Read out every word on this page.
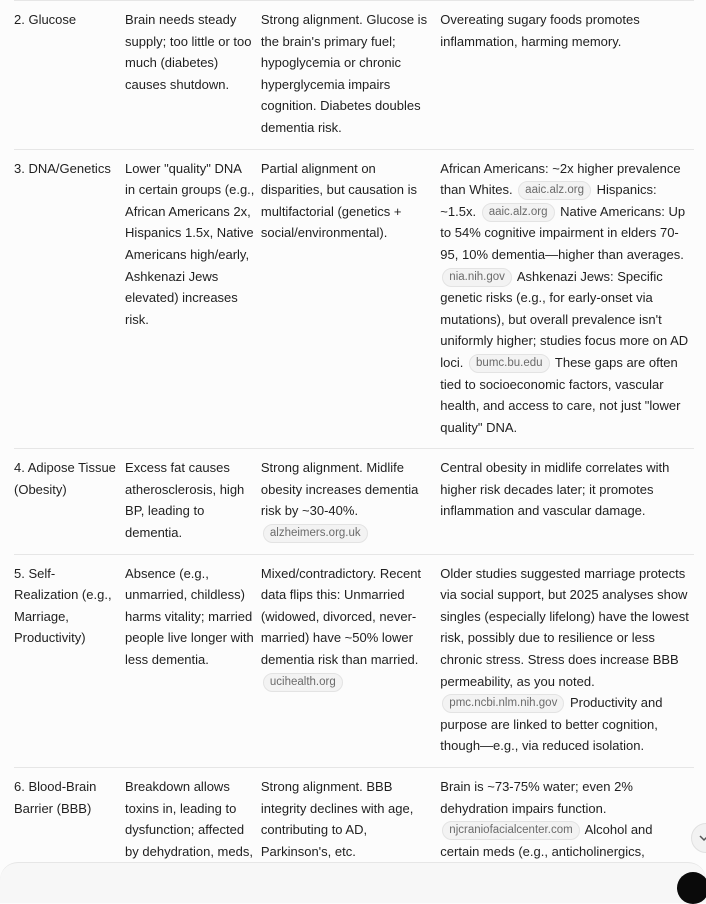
2. Glucose	Brain needs steady supply; too little or too much (diabetes) causes shutdown.
Strong alignment. Glucose is the brain's primary fuel; hypoglycemia or chronic hyperglycemia impairs cognition. Diabetes doubles dementia risk.
Overeating sugary foods promotes inflammation, harming memory.
3. DNA/Genetics	Lower "quality" DNA in certain groups (e.g., African Americans 2x, Hispanics 1.5x, Native Americans high/early, Ashkenazi Jews elevated) increases risk.
Partial alignment on disparities, but causation is multifactorial (genetics + social/environmental).
African Americans: ~2x higher prevalence than Whites. aaic.alz.org Hispanics: ~1.5x. aaic.alz.org Native Americans: Up to 54% cognitive impairment in elders 70-95, 10% dementia—higher than averages. nia.nih.gov Ashkenazi Jews: Specific genetic risks (e.g., for early-onset via mutations), but overall prevalence isn't uniformly higher; studies focus more on AD loci. bumc.bu.edu These gaps are often tied to socioeconomic factors, vascular health, and access to care, not just "lower quality" DNA.
4. Adipose Tissue (Obesity)
Excess fat causes atherosclerosis, high BP, leading to dementia.
Strong alignment. Midlife obesity increases dementia risk by ~30-40%. alzheimers.org.uk
Central obesity in midlife correlates with higher risk decades later; it promotes inflammation and vascular damage.
5. Self-Realization (e.g., Marriage, Productivity)
Absence (e.g., unmarried, childless) harms vitality; married people live longer with less dementia.
Mixed/contradictory. Recent data flips this: Unmarried (widowed, divorced, never-married) have ~50% lower dementia risk than married. ucihealth.org
Older studies suggested marriage protects via social support, but 2025 analyses show singles (especially lifelong) have the lowest risk, possibly due to resilience or less chronic stress. Stress does increase BBB permeability, as you noted. pmc.ncbi.nlm.nih.gov Productivity and purpose are linked to better cognition, though—e.g., via reduced isolation.
6. Blood-Brain Barrier (BBB)
Breakdown allows toxins in, leading to dysfunction; affected by dehydration, meds,
Strong alignment. BBB integrity declines with age, contributing to AD, Parkinson's, etc.
Brain is ~73-75% water; even 2% dehydration impairs function. njcraniofacialcenter.com Alcohol and certain meds (e.g., anticholinergics,
